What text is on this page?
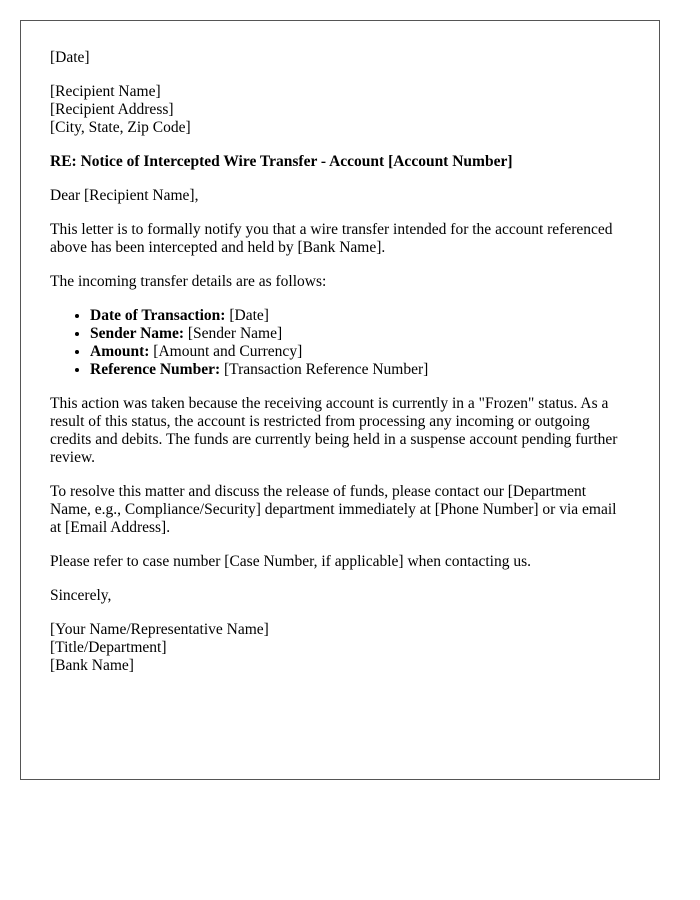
[Date]

[Recipient Name]
[Recipient Address]
[City, State, Zip Code]

RE: Notice of Intercepted Wire Transfer - Account [Account Number]

Dear [Recipient Name],

This letter is to formally notify you that a wire transfer intended for the account referenced above has been intercepted and held by [Bank Name].

The incoming transfer details are as follows:

• Date of Transaction: [Date]
• Sender Name: [Sender Name]
• Amount: [Amount and Currency]
• Reference Number: [Transaction Reference Number]

This action was taken because the receiving account is currently in a "Frozen" status. As a result of this status, the account is restricted from processing any incoming or outgoing credits and debits. The funds are currently being held in a suspense account pending further review.

To resolve this matter and discuss the release of funds, please contact our [Department Name, e.g., Compliance/Security] department immediately at [Phone Number] or via email at [Email Address].

Please refer to case number [Case Number, if applicable] when contacting us.

Sincerely,

[Your Name/Representative Name]
[Title/Department]
[Bank Name]
